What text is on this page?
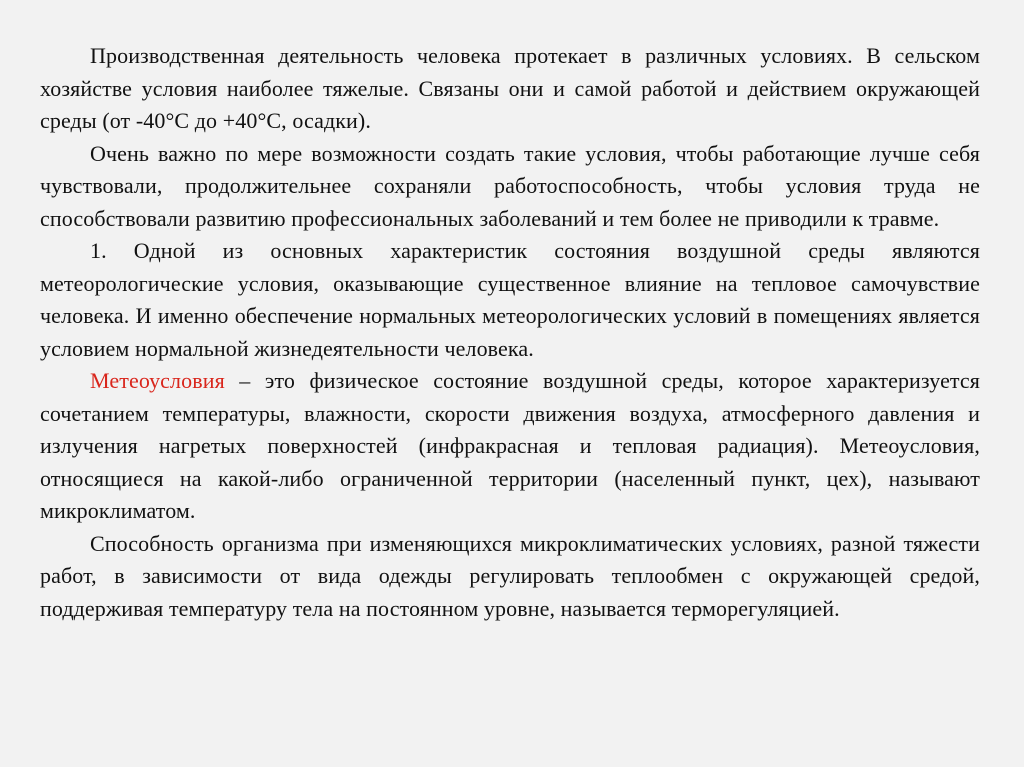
Производственная деятельность человека протекает в различных условиях. В сельском хозяйстве условия наиболее тяжелые. Связаны они и самой работой и действием окружающей среды (от -40°С до +40°С, осадки).

Очень важно по мере возможности создать такие условия, чтобы работающие лучше себя чувствовали, продолжительнее сохраняли работоспособность, чтобы условия труда не способствовали развитию профессиональных заболеваний и тем более не приводили к травме.

1. Одной из основных характеристик состояния воздушной среды являются метеорологические условия, оказывающие существенное влияние на тепловое самочувствие человека. И именно обеспечение нормальных метеорологических условий в помещениях является условием нормальной жизнедеятельности человека.

Метеоусловия – это физическое состояние воздушной среды, которое характеризуется сочетанием температуры, влажности, скорости движения воздуха, атмосферного давления и излучения нагретых поверхностей (инфракрасная и тепловая радиация). Метеоусловия, относящиеся на какой-либо ограниченной территории (населенный пункт, цех), называют микроклиматом.

Способность организма при изменяющихся микроклиматических условиях, разной тяжести работ, в зависимости от вида одежды регулировать теплообмен с окружающей средой, поддерживая температуру тела на постоянном уровне, называется терморегуляцией.
